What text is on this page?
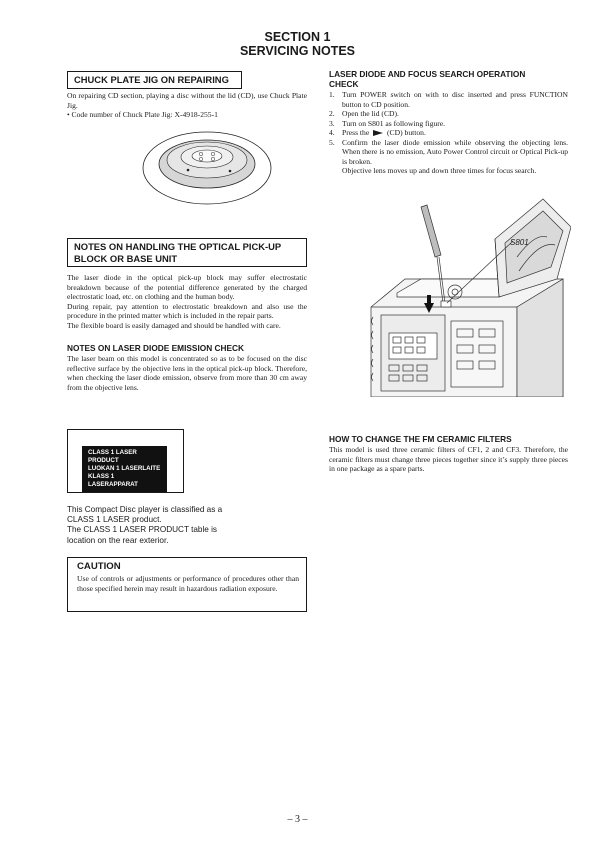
SECTION 1
SERVICING NOTES
CHUCK PLATE JIG ON REPAIRING

On repairing CD section, playing a disc without the lid (CD), use Chuck Plate Jig.

• Code number of Chuck Plate Jig: X-4918-255-1

NOTES ON HANDLING THE OPTICAL PICK-UP
BLOCK OR BASE UNIT

The laser diode in the optical pick-up block may suffer electrostatic breakdown because of the potential difference generated by the charged electrostatic load, etc. on clothing and the human body.

During repair, pay attention to electrostatic breakdown and also use the procedure in the printed matter which is included in the repair parts.

The flexible board is easily damaged and should be handled with care.

NOTES ON LASER DIODE EMISSION CHECK
The laser beam on this model is concentrated so as to be focused on the disc reflective surface by the objective lens in the optical pick-up block. Therefore, when checking the laser diode emission, observe from more than 30 cm away from the objective lens.
CLASS 1 LASER PRODUCT
LUOKAN 1 LASERLAITE
KLASS 1 LASERAPPARAT
This Compact Disc player is classified as a
CLASS 1 LASER product.
The CLASS 1 LASER PRODUCT table is
location on the rear exterior.
CAUTION
Use of controls or adjustments or performance of procedures other than those specified herein may result in hazardous radiation exposure.
LASER DIODE AND FOCUS SEARCH OPERATION
CHECK
1. Turn POWER switch on with to disc inserted and press FUNCTION button to CD position.
2. Open the lid (CD).
3. Turn on S801 as following figure.
4. Press the (CD) button.
5. Confirm the laser diode emission while observing the objecting lens. When there is no emission, Auto Power Control circuit or Optical Pick-up is broken.
Objective lens moves up and down three times for focus search.
S801
HOW TO CHANGE THE FM CERAMIC FILTERS
This model is used three ceramic filters of CF1, 2 and CF3. Therefore, the ceramic filters must change three pieces together since it’s supply three pieces in one package as a spare parts.
– 3 –
